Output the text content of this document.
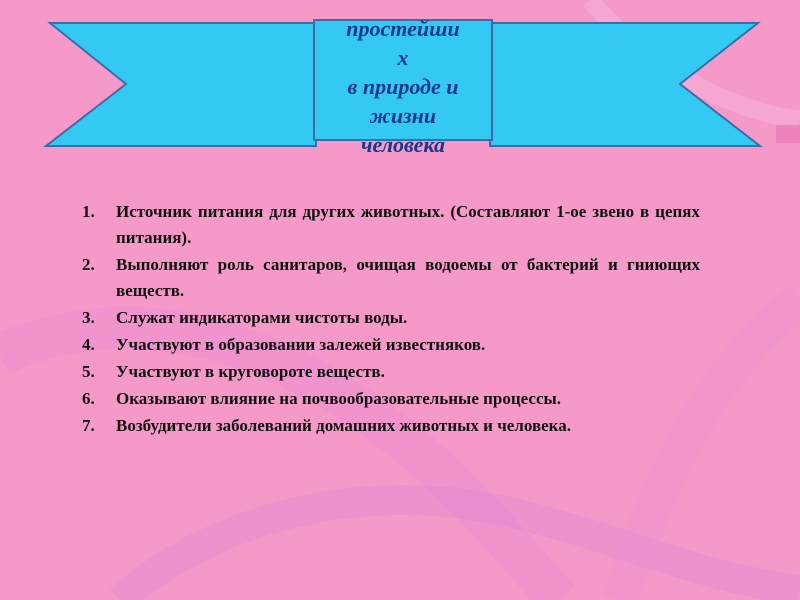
простейши
х
в природе и
жизни
человека
1. Источник питания для других животных. (Составляют 1-ое звено в цепях питания).
2. Выполняют роль санитаров, очищая водоемы от бактерий и гниющих веществ.
3. Служат индикаторами чистоты воды.
4. Участвуют в образовании залежей известняков.
5. Участвуют в круговороте веществ.
6. Оказывают влияние на почвообразовательные процессы.
7. Возбудители заболеваний домашних животных и человека.
